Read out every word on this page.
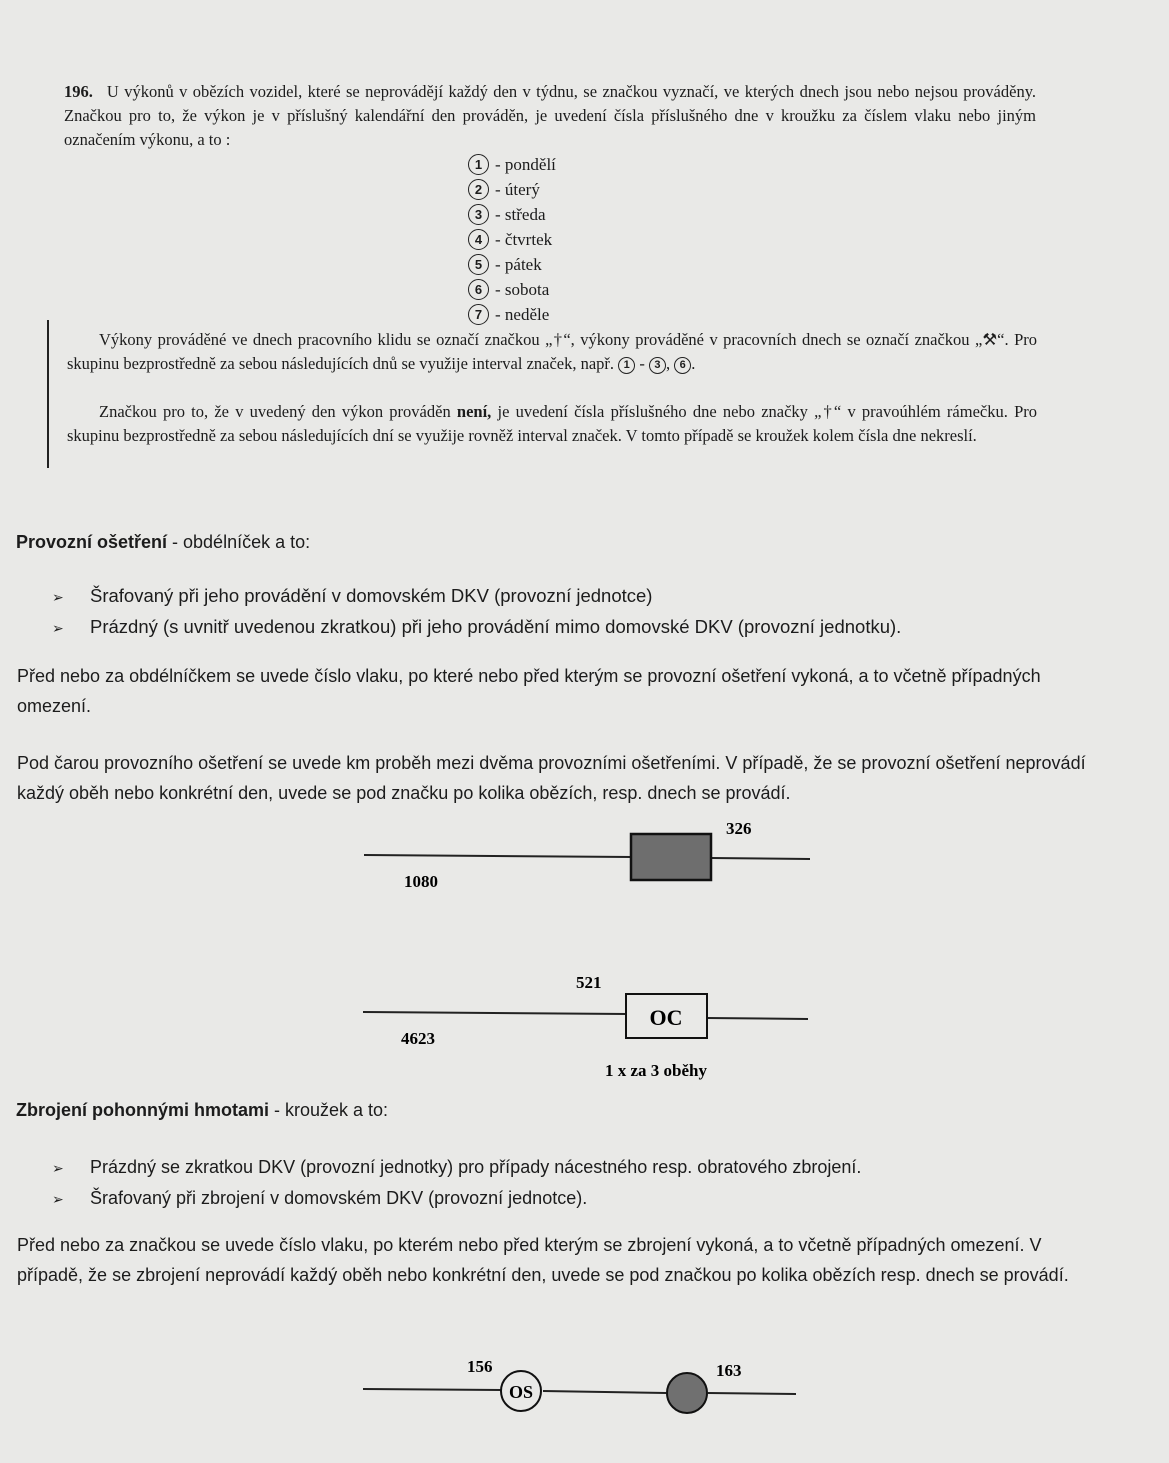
196. U výkonů v obězích vozidel, které se neprovádějí každý den v týdnu, se značkou vyznačí, ve kterých dnech jsou nebo nejsou prováděny. Značkou pro to, že výkon je v příslušný kalendářní den prováděn, je uvedení čísla příslušného dne v kroužku za číslem vlaku nebo jiným označením výkonu, a to :
1 - pondělí
2 - úterý
3 - středa
4 - čtvrtek
5 - pátek
6 - sobota
7 - neděle
Výkony prováděné ve dnech pracovního klidu se označí značkou „†“, výkony prováděné v pracovních dnech se označí značkou „⚒“. Pro skupinu bezprostředně za sebou následujících dnů se využije interval značek, např. 1 - 3 , 6 .
Značkou pro to, že v uvedený den výkon prováděn není, je uvedení čísla příslušného dne nebo značky „†“ v pravoúhlém rámečku. Pro skupinu bezprostředně za sebou následujících dní se využije rovněž interval značek. V tomto případě se kroužek kolem čísla dne nekreslí.
Provozní ošetření - obdélníček a to:
➢ Šrafovaný při jeho provádění v domovském DKV (provozní jednotce)
➢ Prázdný (s uvnitř uvedenou zkratkou) při jeho provádění mimo domovské DKV (provozní jednotku).
Před nebo za obdélníčkem se uvede číslo vlaku, po které nebo před kterým se provozní ošetření vykoná, a to včetně případných omezení.
Pod čarou provozního ošetření se uvede km proběh mezi dvěma provozními ošetřeními. V případě, že se provozní ošetření neprovádí každý oběh nebo konkrétní den, uvede se pod značku po kolika obězích, resp. dnech se provádí.
1080
326
OC
521
4623
1 x za 3 oběhy
OS
156	163
Zbrojení pohonnými hmotami - kroužek a to:
➢ Prázdný se zkratkou DKV (provozní jednotky) pro případy nácestného resp. obratového zbrojení.
➢ Šrafovaný při zbrojení v domovském DKV (provozní jednotce).
Před nebo za značkou se uvede číslo vlaku, po kterém nebo před kterým se zbrojení vykoná, a to včetně případných omezení. V případě, že se zbrojení neprovádí každý oběh nebo konkrétní den, uvede se pod značkou po kolika obězích resp. dnech se provádí.
